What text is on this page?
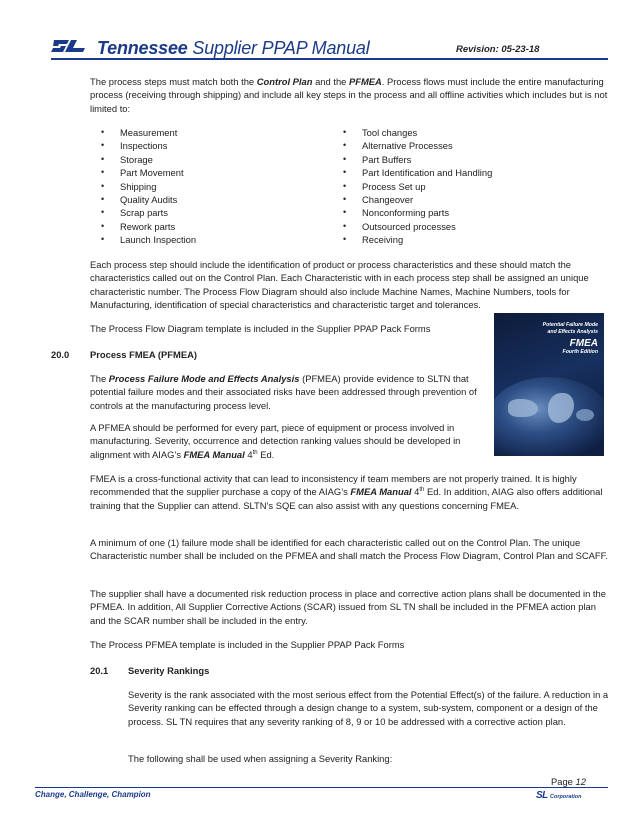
Tennessee Supplier PPAP Manual	Revision: 05-23-18
The process steps must match both the Control Plan and the PFMEA. Process flows must include the entire manufacturing process (receiving through shipping) and include all key steps in the process and all offline activities which includes but is not limited to:
• Measurement
• Inspections
• Storage
• Part Movement
• Shipping
• Quality Audits
• Scrap parts
• Rework parts
• Launch Inspection
• Tool changes
• Alternative Processes
• Part Buffers
• Part Identification and Handling
• Process Set up
• Changeover
• Nonconforming parts
• Outsourced processes
• Receiving
Each process step should include the identification of product or process characteristics and these should match the characteristics called out on the Control Plan. Each Characteristic with in each process step shall be assigned an unique characteristic number. The Process Flow Diagram should also include Machine Names, Machine Numbers, tools for Manufacturing, identification of special characteristics and characteristic target and tolerances.
The Process Flow Diagram template is included in the Supplier PPAP Pack Forms	Potential Failure Mode
and Effects Analysis
FMEA
Fourth Edition
20.0 Process FMEA (PFMEA)
The Process Failure Mode and Effects Analysis (PFMEA) provide evidence to SLTN that potential failure modes and their associated risks have been addressed through prevention of controls at the manufacturing process level.
A PFMEA should be performed for every part, piece of equipment or process involved in manufacturing. Severity, occurrence and detection ranking values should be developed in alignment with AIAG’s FMEA Manual 4th Ed.
FMEA is a cross-functional activity that can lead to inconsistency if team members are not properly trained. It is highly recommended that the supplier purchase a copy of the AIAG’s FMEA Manual 4th Ed. In addition, AIAG also offers additional training that the Supplier can attend. SLTN’s SQE can also assist with any questions concerning FMEA.
A minimum of one (1) failure mode shall be identified for each characteristic called out on the Control Plan. The unique Characteristic number shall be included on the PFMEA and shall match the Process Flow Diagram, Control Plan and SCAFF.
The supplier shall have a documented risk reduction process in place and corrective action plans shall be documented in the PFMEA. In addition, All Supplier Corrective Actions (SCAR) issued from SL TN shall be included in the PFMEA action plan and the SCAR number shall be included in the entry.
The Process PFMEA template is included in the Supplier PPAP Pack Forms
20.1 Severity Rankings
Severity is the rank associated with the most serious effect from the Potential Effect(s) of the failure. A reduction in a Severity ranking can be effected through a design change to a system, sub-system, component or a design of the process. SL TN requires that any severity ranking of 8, 9 or 10 be addressed with a corrective action plan.
The following shall be used when assigning a Severity Ranking:
Page 12
Change, Challenge, Champion	SL Corporation
